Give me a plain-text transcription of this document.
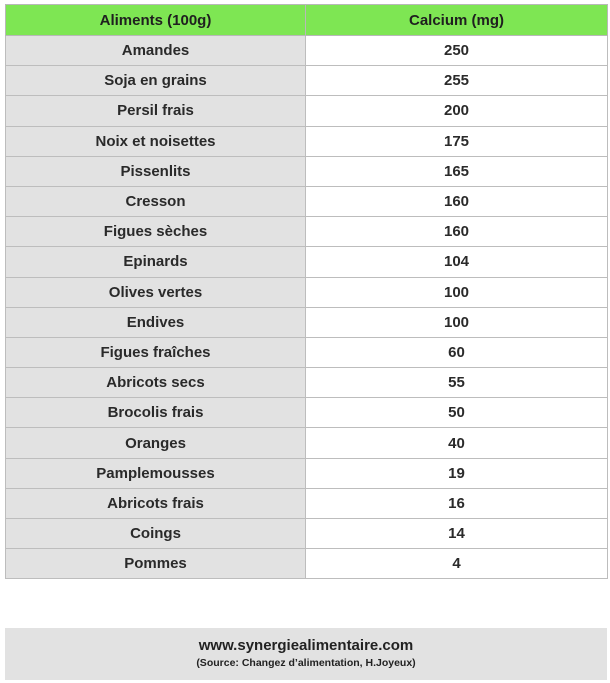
Aliments (100g)	Calcium (mg)
Amandes	250
Soja en grains	255
Persil frais	200
Noix et noisettes	175
Pissenlits	165
Cresson	160
Figues sèches	160
Epinards	104
Olives vertes	100
Endives	100
Figues fraîches	60
Abricots secs	55
Brocolis frais	50
Oranges	40
Pamplemousses	19
Abricots frais	16
Coings	14
Pommes	4
www.synergiealimentaire.com
(Source: Changez d’alimentation, H.Joyeux)
